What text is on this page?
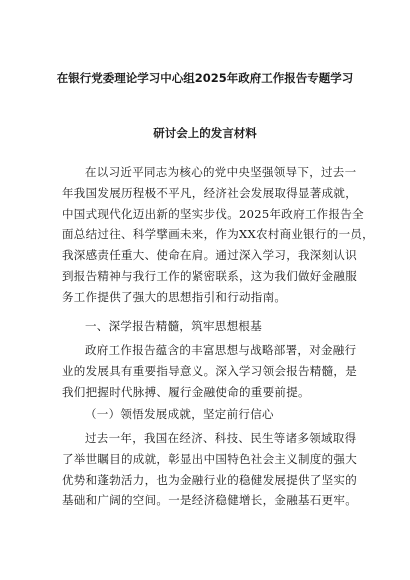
在银行党委理论学习中心组2025年政府工作报告专题学习
研讨会上的发言材料
在以习近平同志为核心的党中央坚强领导下，过去一
年我国发展历程极不平凡，经济社会发展取得显著成就，
中国式现代化迈出新的坚实步伐。2025年政府工作报告全
面总结过往、科学擘画未来，作为XX农村商业银行的一员，
我深感责任重大、使命在肩。通过深入学习，我深刻认识
到报告精神与我行工作的紧密联系，这为我们做好金融服
务工作提供了强大的思想指引和行动指南。
一、深学报告精髓，筑牢思想根基
政府工作报告蕴含的丰富思想与战略部署，对金融行
业的发展具有重要指导意义。深入学习领会报告精髓，是
我们把握时代脉搏、履行金融使命的重要前提。
（一）领悟发展成就，坚定前行信心
过去一年，我国在经济、科技、民生等诸多领域取得
了举世瞩目的成就，彰显出中国特色社会主义制度的强大
优势和蓬勃活力，也为金融行业的稳健发展提供了坚实的
基础和广阔的空间。一是经济稳健增长，金融基石更牢。
